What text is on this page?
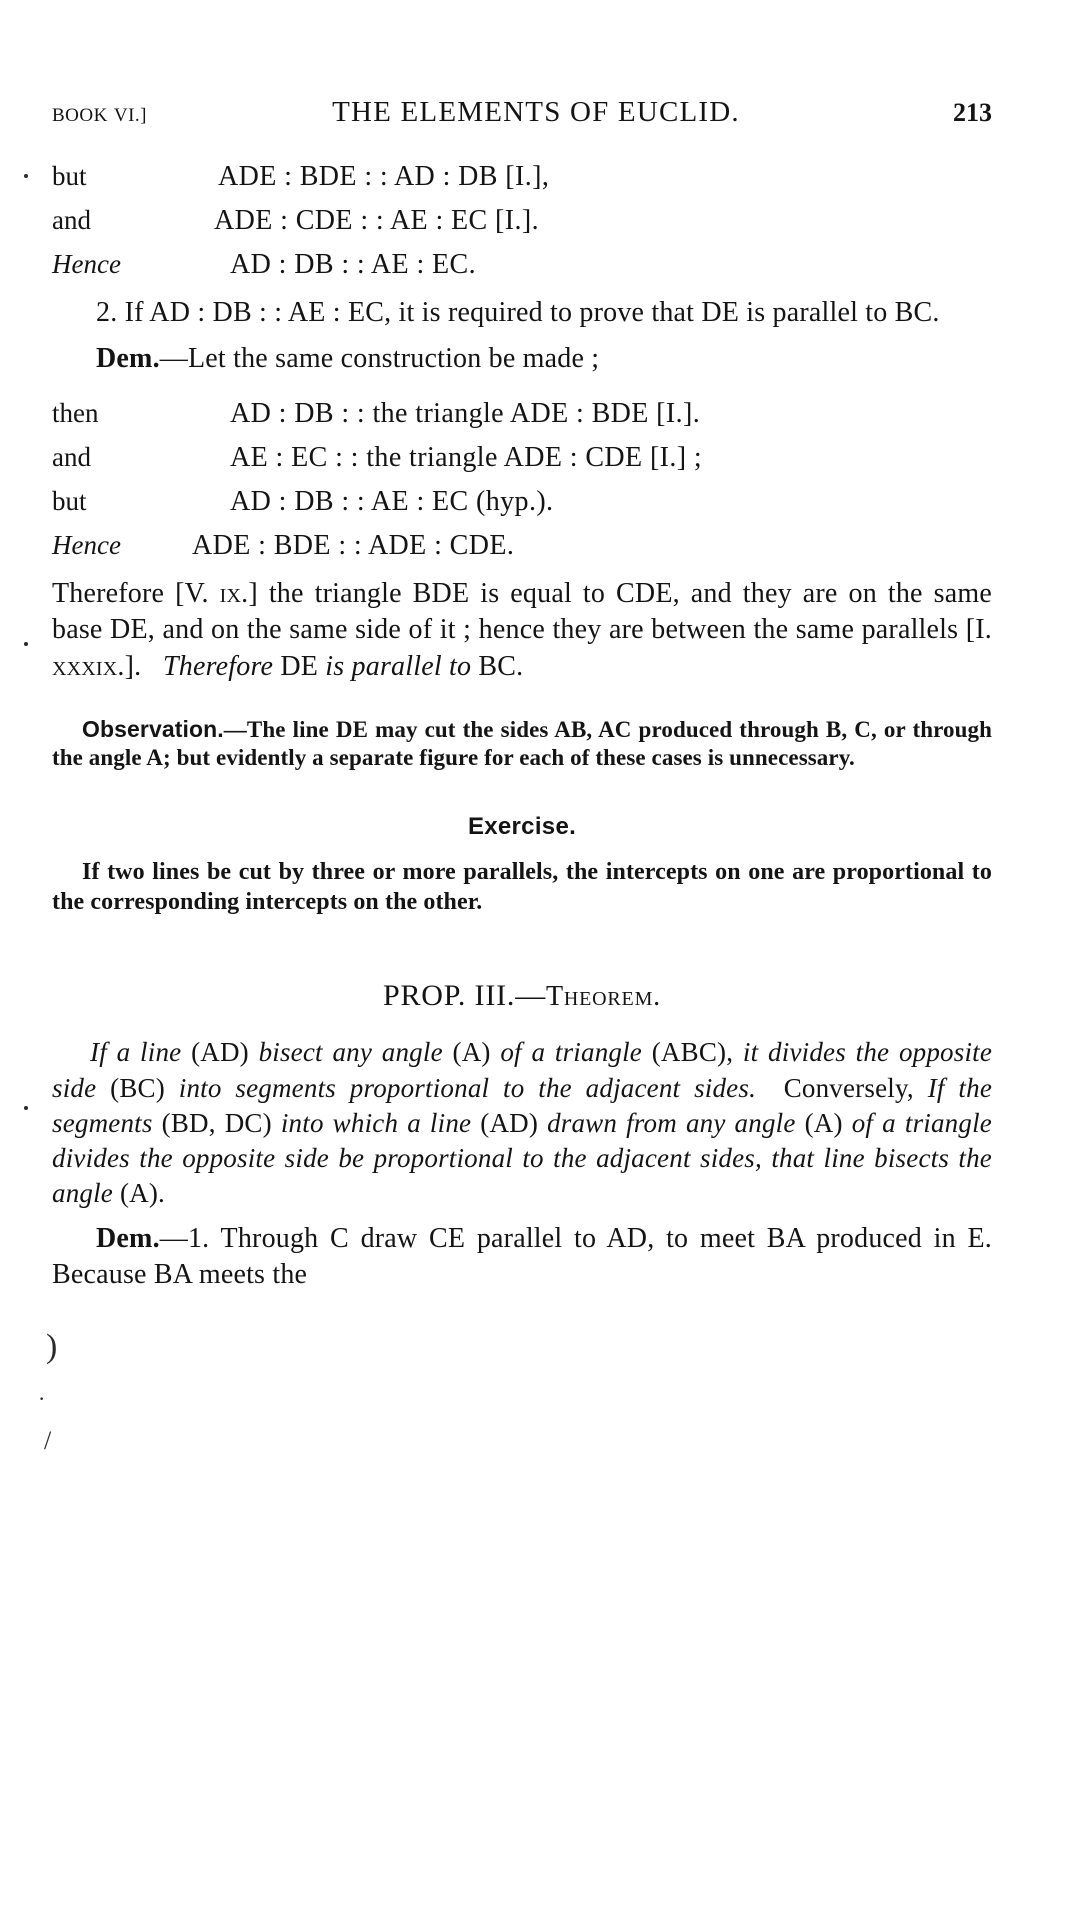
)
·
/
BOOK VI.]	THE ELEMENTS OF EUCLID.	213
but	ADE : BDE : : AD : DB [I.],
and	ADE : CDE : : AE : EC [I.].
Hence	AD : DB : : AE : EC.

2. If AD : DB : : AE : EC, it is required to prove that DE is parallel to BC.

Dem.—Let the same construction be made ;

then	AD : DB : : the triangle ADE : BDE [I.].
and	AE : EC : : the triangle ADE : CDE [I.] ;
but	AD : DB : : AE : EC (hyp.).
Hence	ADE : BDE : : ADE : CDE.

Therefore [V. ix.] the triangle BDE is equal to CDE, and they are on the same base DE, and on the same side of it ; hence they are between the same parallels [I. xxxix.]. Therefore DE is parallel to BC.

Observation.—The line DE may cut the sides AB, AC produced through B, C, or through the angle A; but evidently a separate figure for each of these cases is unnecessary.

Exercise.

If two lines be cut by three or more parallels, the intercepts on one are proportional to the corresponding intercepts on the other.

PROP. III.—Theorem.

If a line (AD) bisect any angle (A) of a triangle (ABC), it divides the opposite side (BC) into segments proportional to the adjacent sides. Conversely, If the segments (BD, DC) into which a line (AD) drawn from any angle (A) of a triangle divides the opposite side be proportional to the adjacent sides, that line bisects the angle (A).

Dem.—1. Through C draw CE parallel to AD, to meet BA produced in E. Because BA meets the
